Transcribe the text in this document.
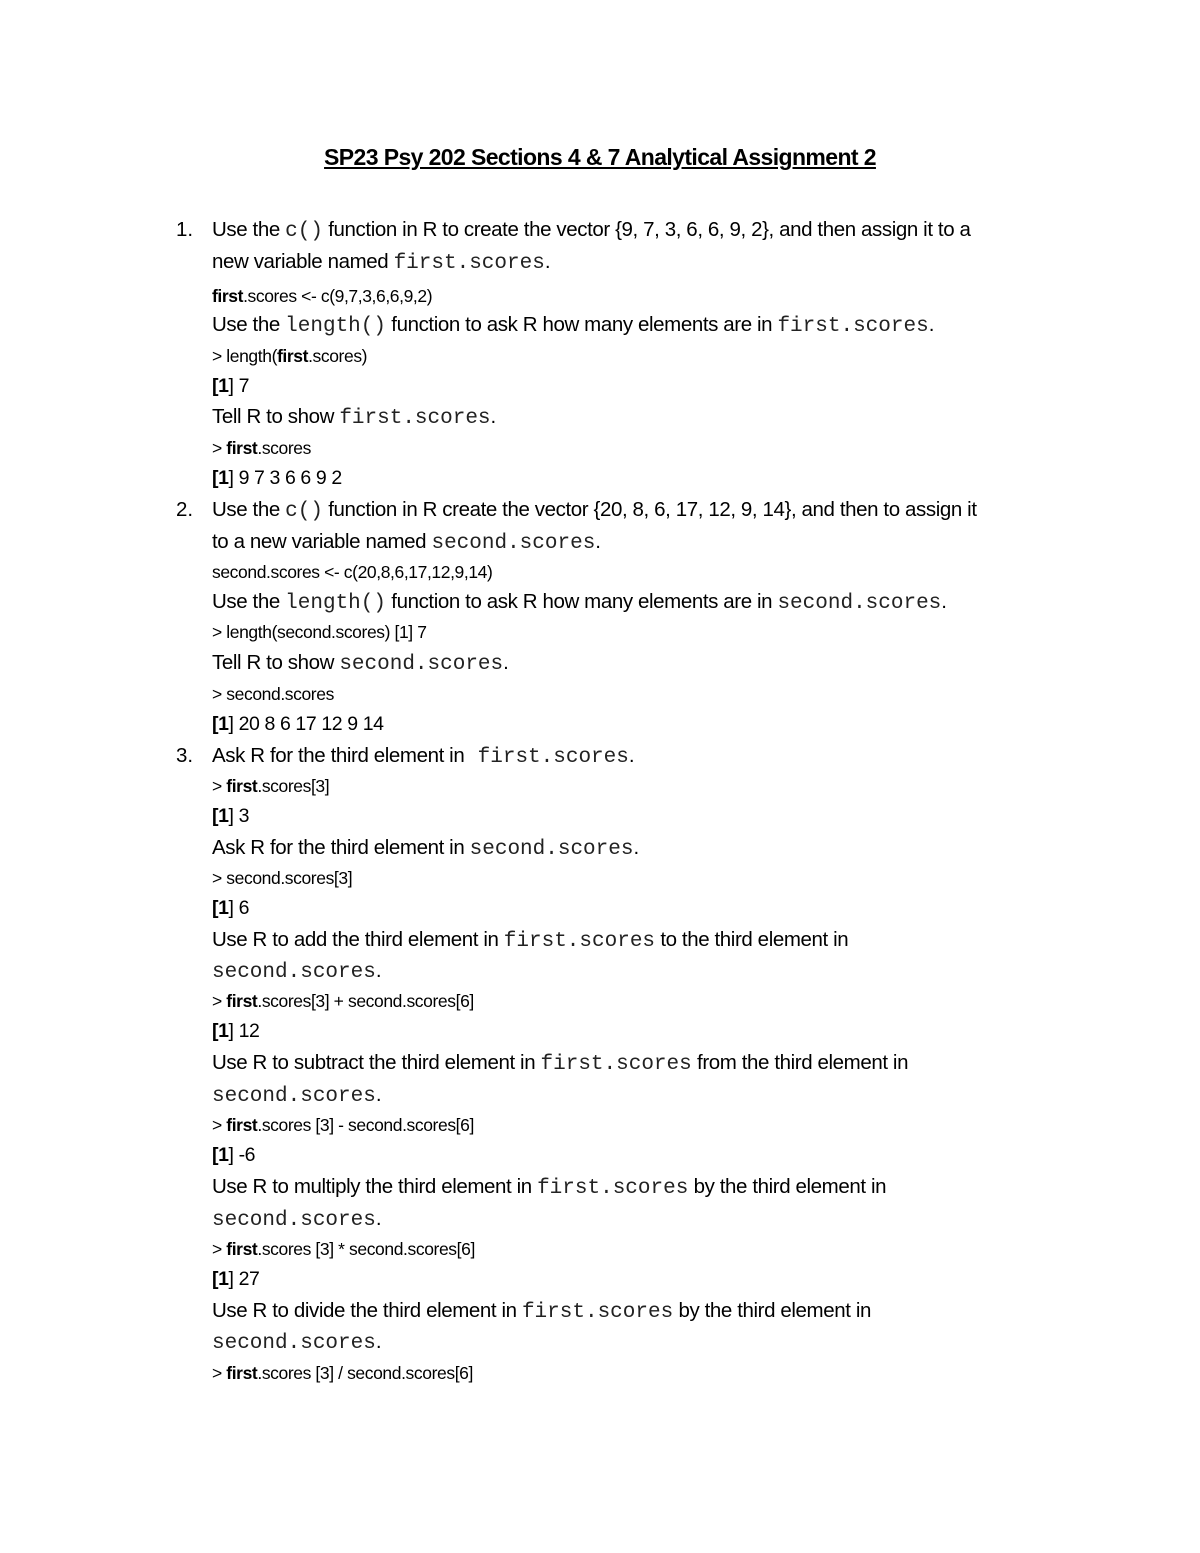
SP23 Psy 202 Sections 4 & 7 Analytical Assignment 2
1. Use the c() function in R to create the vector {9, 7, 3, 6, 6, 9, 2}, and then assign it to a
new variable named first.scores.
first.scores <- c(9,7,3,6,6,9,2)
Use the length() function to ask R how many elements are in first.scores.
> length(first.scores)
[1] 7
Tell R to show first.scores.
> first.scores
[1] 9 7 3 6 6 9 2
2. Use the c() function in R create the vector {20, 8, 6, 17, 12, 9, 14}, and then to assign it
to a new variable named second.scores.
second.scores <- c(20,8,6,17,12,9,14)
Use the length() function to ask R how many elements are in second.scores.
> length(second.scores) [1] 7
Tell R to show second.scores.
> second.scores
[1] 20 8 6 17 12 9 14
3. Ask R for the third element in first.scores.
> first.scores[3]
[1] 3
Ask R for the third element in second.scores.
> second.scores[3]
[1] 6
Use R to add the third element in first.scores to the third element in
second.scores.
> first.scores[3] + second.scores[6]
[1] 12
Use R to subtract the third element in first.scores from the third element in
second.scores.
> first.scores [3] - second.scores[6]
[1] -6
Use R to multiply the third element in first.scores by the third element in
second.scores.
> first.scores [3] * second.scores[6]
[1] 27
Use R to divide the third element in first.scores by the third element in
second.scores.
> first.scores [3] / second.scores[6]
